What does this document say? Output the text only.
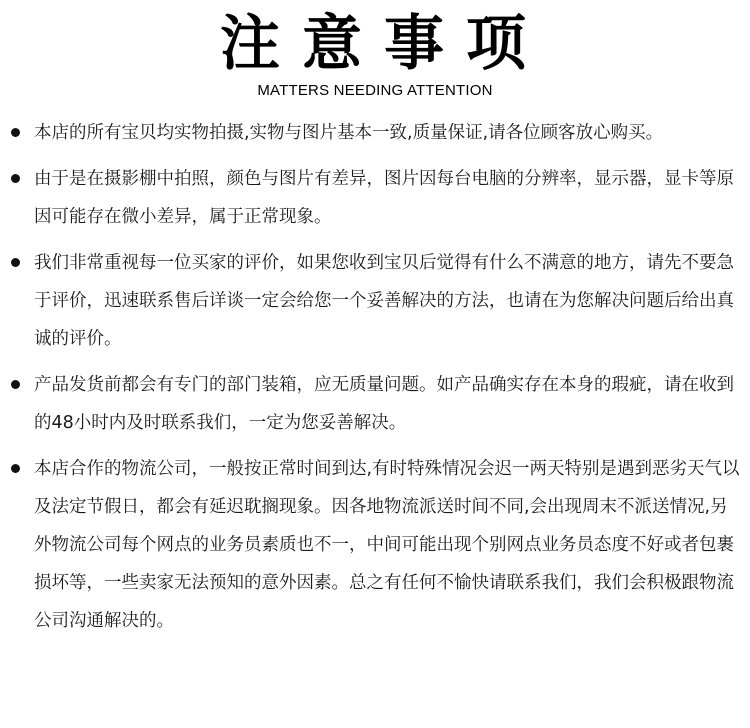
注意事项
MATTERS NEEDING ATTENTION
本店的所有宝贝均实物拍摄,实物与图片基本一致,质量保证,请各位顾客放心购买。
由于是在摄影棚中拍照，颜色与图片有差异，图片因每台电脑的分辨率，显示器，显卡等原因可能存在微小差异，属于正常现象。
我们非常重视每一位买家的评价，如果您收到宝贝后觉得有什么不满意的地方，请先不要急于评价，迅速联系售后详谈一定会给您一个妥善解决的方法，也请在为您解决问题后给出真诚的评价。
产品发货前都会有专门的部门装箱，应无质量问题。如产品确实存在本身的瑕疵，请在收到的48小时内及时联系我们，一定为您妥善解决。
本店合作的物流公司，一般按正常时间到达,有时特殊情况会迟一两天特别是遇到恶劣天气以及法定节假日，都会有延迟耽搁现象。因各地物流派送时间不同,会出现周末不派送情况,另外物流公司每个网点的业务员素质也不一，中间可能出现个别网点业务员态度不好或者包裹损坏等，一些卖家无法预知的意外因素。总之有任何不愉快请联系我们，我们会积极跟物流公司沟通解决的。
